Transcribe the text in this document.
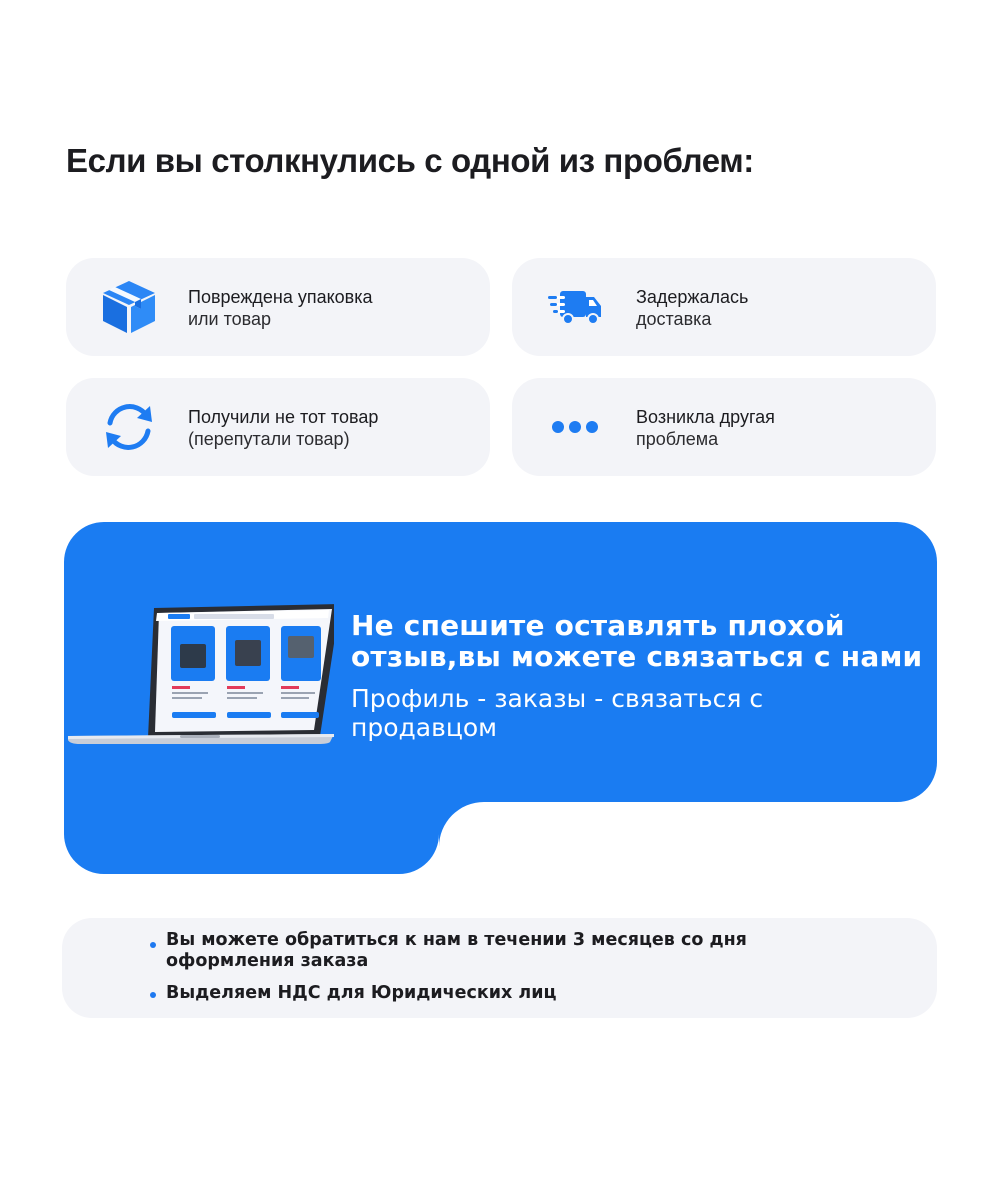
Если вы столкнулись с одной из проблем:
Повреждена упаковка
или товар
Задержалась
доставка
Получили не тот товар
(перепутали товар)
Возникла другая
проблема
Не спешите оставлять плохой
отзыв,вы можете связаться с нами
Профиль - заказы - связаться с
продавцом
Вы можете обратиться к нам в течении 3 месяцев со дня
оформления заказа
Выделяем НДС для Юридических лиц
